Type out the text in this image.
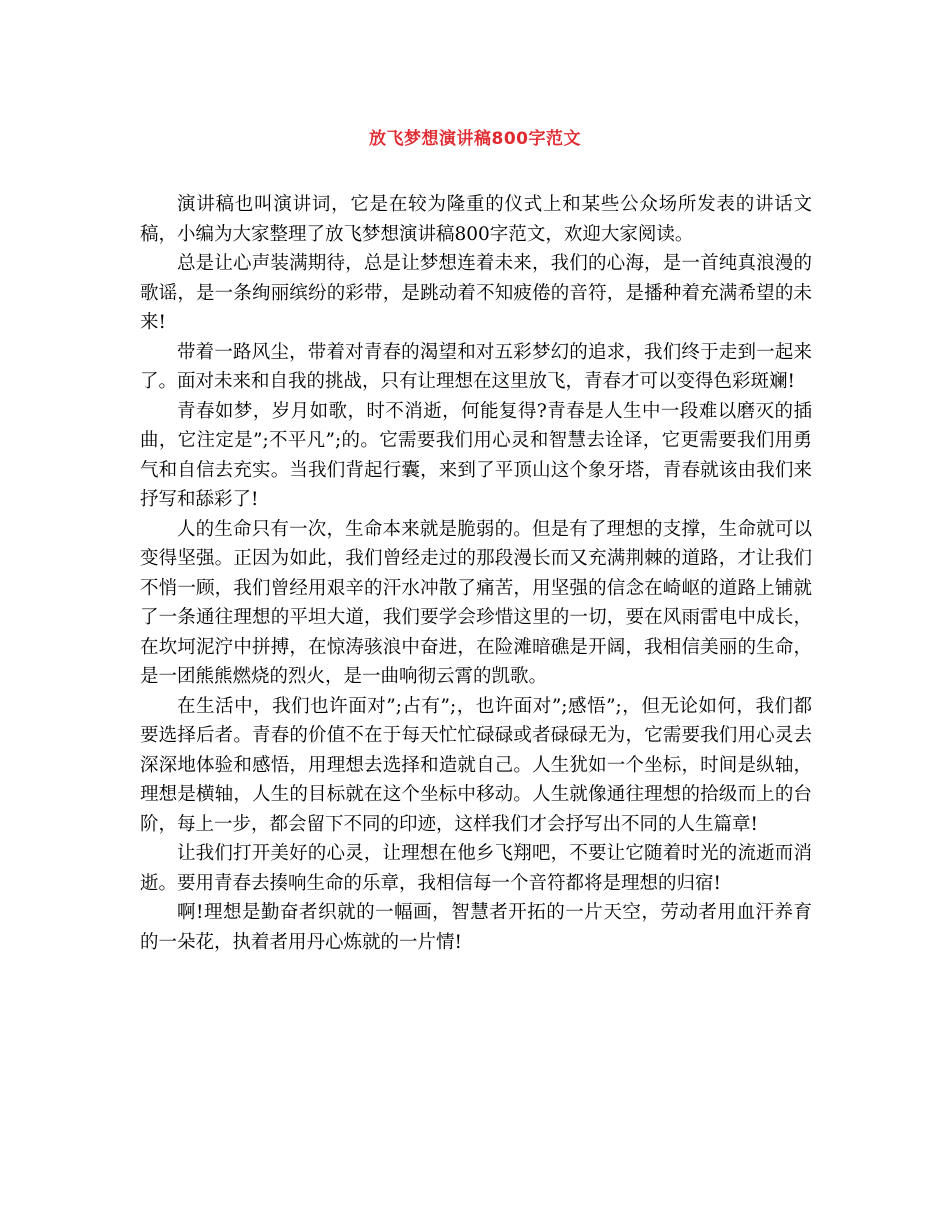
放飞梦想演讲稿800字范文

演讲稿也叫演讲词，它是在较为隆重的仪式上和某些公众场所发表的讲话文稿，小编为大家整理了放飞梦想演讲稿800字范文，欢迎大家阅读。

总是让心声装满期待，总是让梦想连着未来，我们的心海，是一首纯真浪漫的歌谣，是一条绚丽缤纷的彩带，是跳动着不知疲倦的音符，是播种着充满希望的未来!

带着一路风尘，带着对青春的渴望和对五彩梦幻的追求，我们终于走到一起来了。面对未来和自我的挑战，只有让理想在这里放飞，青春才可以变得色彩斑斓!

青春如梦，岁月如歌，时不消逝，何能复得?青春是人生中一段难以磨灭的插曲，它注定是”;不平凡”;的。它需要我们用心灵和智慧去诠译，它更需要我们用勇气和自信去充实。当我们背起行囊，来到了平顶山这个象牙塔，青春就该由我们来抒写和舔彩了!

人的生命只有一次，生命本来就是脆弱的。但是有了理想的支撑，生命就可以变得坚强。正因为如此，我们曾经走过的那段漫长而又充满荆棘的道路，才让我们不悄一顾，我们曾经用艰辛的汗水冲散了痛苦，用坚强的信念在崎岖的道路上铺就了一条通往理想的平坦大道，我们要学会珍惜这里的一切，要在风雨雷电中成长，在坎坷泥泞中拼搏，在惊涛骇浪中奋进，在险滩暗礁是开阔，我相信美丽的生命，是一团熊熊燃烧的烈火，是一曲响彻云霄的凯歌。

在生活中，我们也许面对”;占有”;，也许面对”;感悟”;，但无论如何，我们都要选择后者。青春的价值不在于每天忙忙碌碌或者碌碌无为，它需要我们用心灵去深深地体验和感悟，用理想去选择和造就自己。人生犹如一个坐标，时间是纵轴，理想是横轴，人生的目标就在这个坐标中移动。人生就像通往理想的拾级而上的台阶，每上一步，都会留下不同的印迹，这样我们才会抒写出不同的人生篇章!

让我们打开美好的心灵，让理想在他乡飞翔吧，不要让它随着时光的流逝而消逝。要用青春去揍响生命的乐章，我相信每一个音符都将是理想的归宿!

啊!理想是勤奋者织就的一幅画，智慧者开拓的一片天空，劳动者用血汗养育的一朵花，执着者用丹心炼就的一片情!
